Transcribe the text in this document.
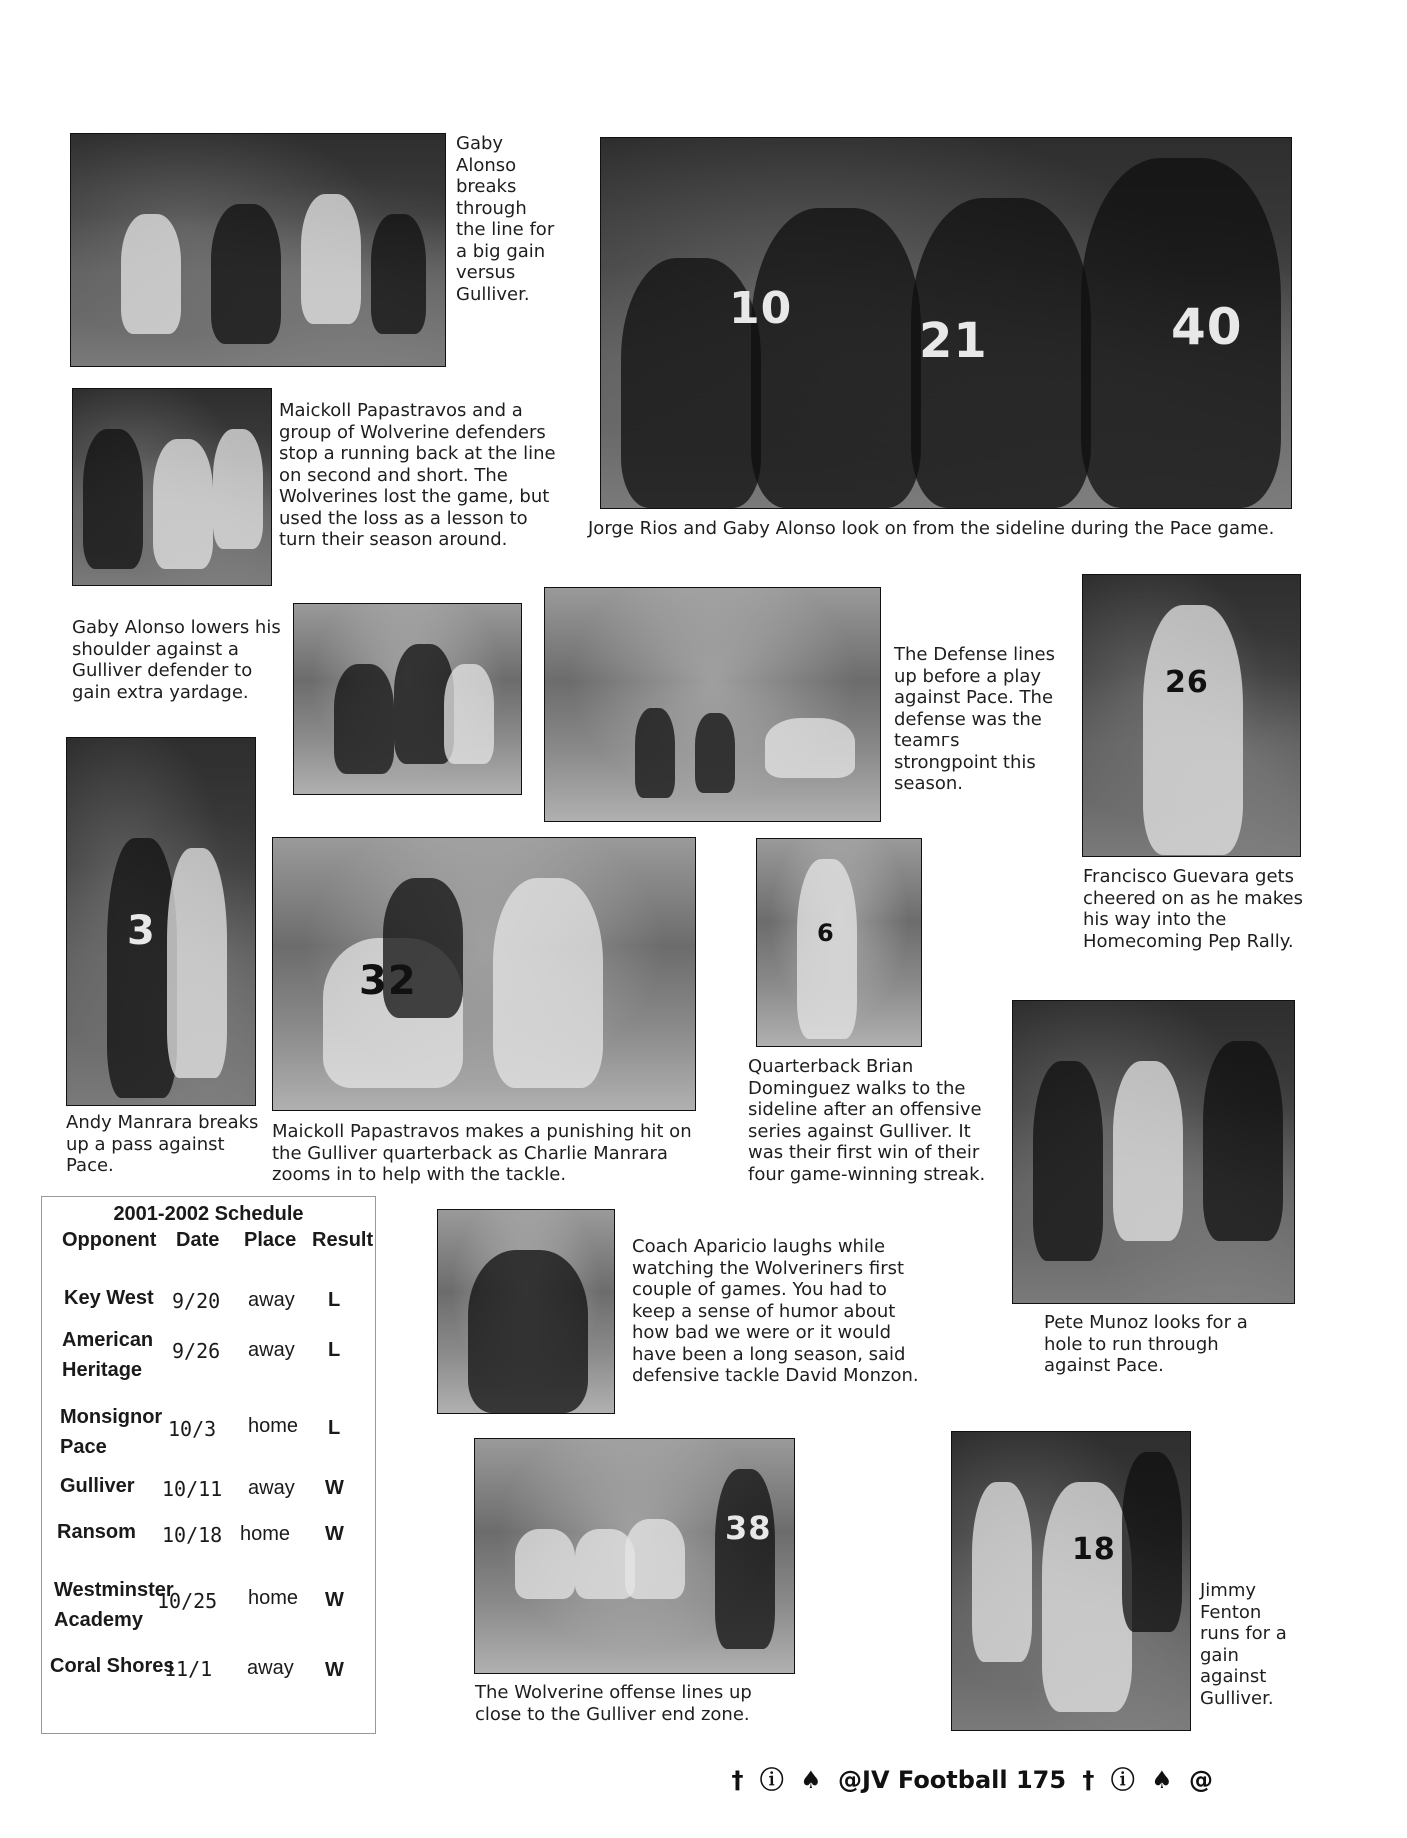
Gaby
Alonso
breaks
through
the line for
a big gain
versus
Gulliver.	10
21	40
Jorge Rios and Gaby Alonso look on from the sideline during the Pace game.
Maickoll Papastravos and a group of Wolverine defenders stop a running back at the line on second and short. The Wolverines lost the game, but used the loss as a lesson to turn their season around.
Gaby Alonso lowers his shoulder against a Gulliver defender to gain extra yardage.
The Defense lines up before a play against Pace. The defense was the teamгs strongpoint this season.
26
Francisco Guevara gets cheered on as he makes his way into the Homecoming Pep Rally.
3
Andy Manrara breaks up a pass against Pace.
32
Maickoll Papastravos makes a punishing hit on the Gulliver quarterback as Charlie Manrara zooms in to help with the tackle.
6
Quarterback Brian Dominguez walks to the sideline after an offensive series against Gulliver. It was their first win of their four game-winning streak.
Pete Munoz looks for a hole to run through against Pace.
2001-2002 Schedule
Opponent Date Place Result
Key West 9/20 away L
American
Heritage
9/26 away L
Monsignor
Pace
10/3 home L
Gulliver 10/11 away W
Ransom 10/18 home W
Westminster
Academy
10/25 home W
Coral Shores
11/1 away W
Coach Aparicio laughs while watching the Wolverinегs first couple of games. You had to keep a sense of humor about how bad we were or it would have been a long season, said defensive tackle David Monzon.
38
The Wolverine offense lines up close to the Gulliver end zone.
18
Jimmy
Fenton
runs for a
gain
against
Gulliver.
† ⓘ ♠ @JV Football 175 † ⓘ ♠ @
